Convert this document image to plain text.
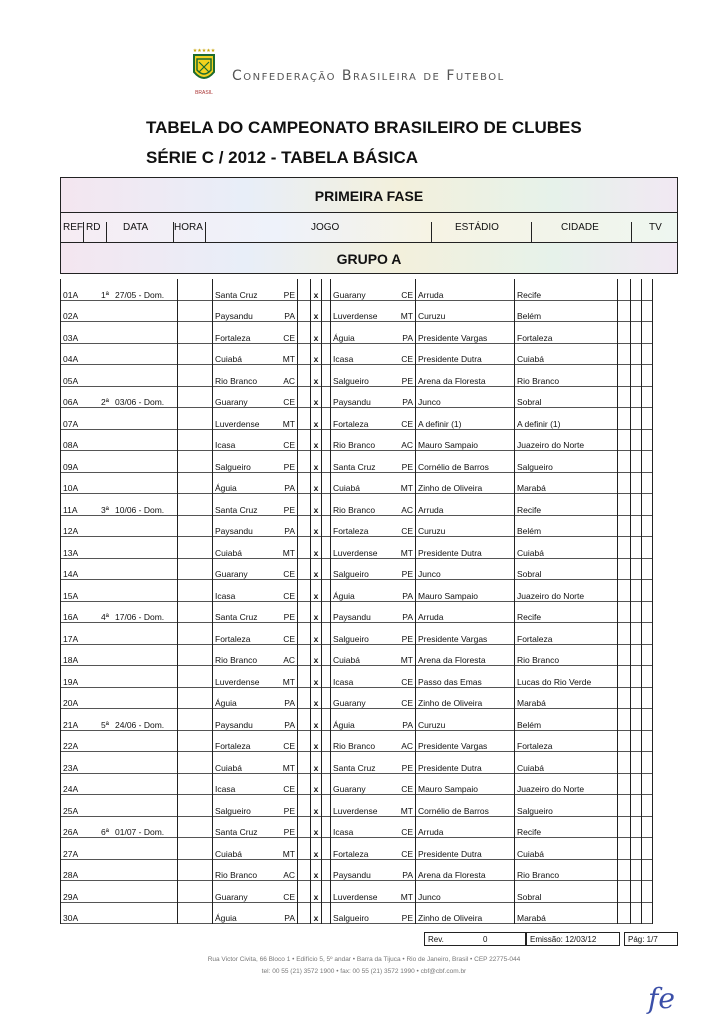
★★★★★
BRASIL
Confederação Brasileira de Futebol
TABELA DO CAMPEONATO BRASILEIRO DE CLUBES
SÉRIE C / 2012 - TABELA BÁSICA
PRIMEIRA FASE
REF RD DATA	HORA	JOGO	ESTÁDIO	CIDADE	TV
GRUPO A
01A	1ª	27/05 - Dom.		Santa Cruz	PE		x		Guarany	CE	Arruda	Recife			
02A				Paysandu	PA		x		Luverdense	MT	Curuzu	Belém			
03A				Fortaleza	CE		x		Águia	PA	Presidente Vargas	Fortaleza			
04A				Cuiabá	MT		x		Icasa	CE	Presidente Dutra	Cuiabá			
05A				Rio Branco	AC		x		Salgueiro	PE	Arena da Floresta	Rio Branco			
06A	2ª	03/06 - Dom.		Guarany	CE		x		Paysandu	PA	Junco	Sobral			
07A				Luverdense	MT		x		Fortaleza	CE	A definir (1)	A definir (1)			
08A				Icasa	CE		x		Rio Branco	AC	Mauro Sampaio	Juazeiro do Norte			
09A				Salgueiro	PE		x		Santa Cruz	PE	Cornélio de Barros	Salgueiro			
10A				Águia	PA		x		Cuiabá	MT	Zinho de Oliveira	Marabá			
11A	3ª	10/06 - Dom.		Santa Cruz	PE		x		Rio Branco	AC	Arruda	Recife			
12A				Paysandu	PA		x		Fortaleza	CE	Curuzu	Belém			
13A				Cuiabá	MT		x		Luverdense	MT	Presidente Dutra	Cuiabá			
14A				Guarany	CE		x		Salgueiro	PE	Junco	Sobral			
15A				Icasa	CE		x		Águia	PA	Mauro Sampaio	Juazeiro do Norte			
16A	4ª	17/06 - Dom.		Santa Cruz	PE		x		Paysandu	PA	Arruda	Recife			
17A				Fortaleza	CE		x		Salgueiro	PE	Presidente Vargas	Fortaleza			
18A				Rio Branco	AC		x		Cuiabá	MT	Arena da Floresta	Rio Branco			
19A				Luverdense	MT		x		Icasa	CE	Passo das Emas	Lucas do Rio Verde			
20A				Águia	PA		x		Guarany	CE	Zinho de Oliveira	Marabá			
21A	5ª	24/06 - Dom.		Paysandu	PA		x		Águia	PA	Curuzu	Belém			
22A				Fortaleza	CE		x		Rio Branco	AC	Presidente Vargas	Fortaleza			
23A				Cuiabá	MT		x		Santa Cruz	PE	Presidente Dutra	Cuiabá			
24A				Icasa	CE		x		Guarany	CE	Mauro Sampaio	Juazeiro do Norte			
25A				Salgueiro	PE		x		Luverdense	MT	Cornélio de Barros	Salgueiro			
26A	6ª	01/07 - Dom.		Santa Cruz	PE		x		Icasa	CE	Arruda	Recife			
27A				Cuiabá	MT		x		Fortaleza	CE	Presidente Dutra	Cuiabá			
28A				Rio Branco	AC		x		Paysandu	PA	Arena da Floresta	Rio Branco			
29A				Guarany	CE		x		Luverdense	MT	Junco	Sobral			
30A				Águia	PA		x		Salgueiro	PE	Zinho de Oliveira	Marabá			
Rev.	0	Emissão: 12/03/12	Pág: 1/7
Rua Victor Civita, 66 Bloco 1 • Edifício 5, 5º andar • Barra da Tijuca • Rio de Janeiro, Brasil • CEP 22775-044
tel: 00 55 (21) 3572 1900 • fax: 00 55 (21) 3572 1990 • cbf@cbf.com.br
fe
